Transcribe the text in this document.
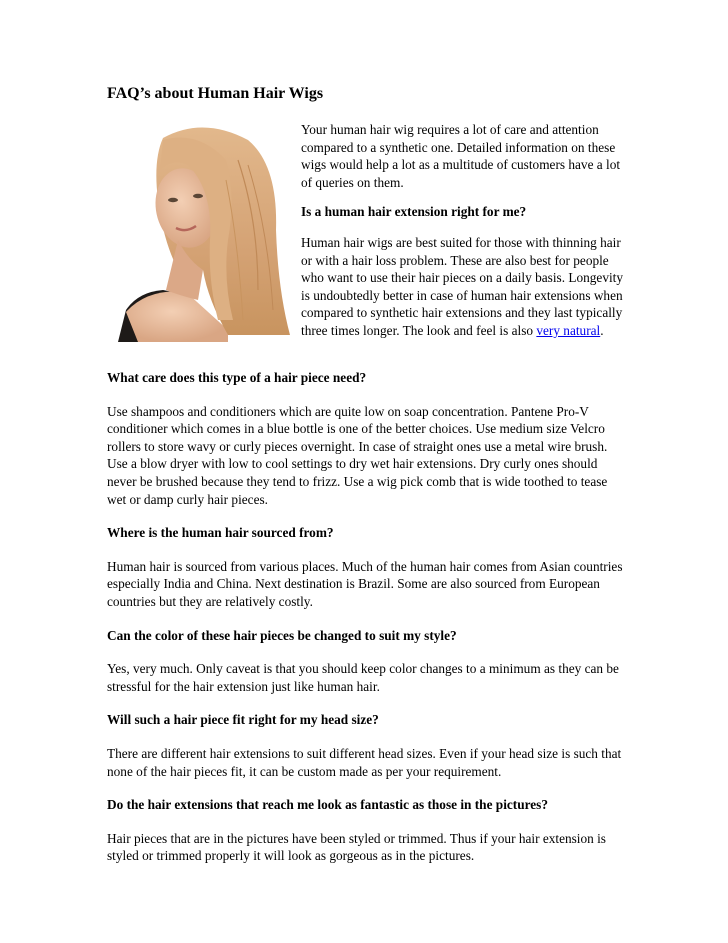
FAQ’s about Human Hair Wigs

Your human hair wig requires a lot of care and attention compared to a synthetic one. Detailed information on these wigs would help a lot as a multitude of customers have a lot of queries on them.

Is a human hair extension right for me?

Human hair wigs are best suited for those with thinning hair or with a hair loss problem. These are also best for people who want to use their hair pieces on a daily basis. Longevity is undoubtedly better in case of human hair extensions when compared to synthetic hair extensions and they last typically three times longer. The look and feel is also very natural.

What care does this type of a hair piece need?

Use shampoos and conditioners which are quite low on soap concentration. Pantene Pro-V conditioner which comes in a blue bottle is one of the better choices. Use medium size Velcro rollers to store wavy or curly pieces overnight. In case of straight ones use a metal wire brush. Use a blow dryer with low to cool settings to dry wet hair extensions. Dry curly ones should never be brushed because they tend to frizz. Use a wig pick comb that is wide toothed to tease wet or damp curly hair pieces.

Where is the human hair sourced from?

Human hair is sourced from various places. Much of the human hair comes from Asian countries especially India and China. Next destination is Brazil. Some are also sourced from European countries but they are relatively costly.

Can the color of these hair pieces be changed to suit my style?

Yes, very much. Only caveat is that you should keep color changes to a minimum as they can be stressful for the hair extension just like human hair.

Will such a hair piece fit right for my head size?

There are different hair extensions to suit different head sizes. Even if your head size is such that none of the hair pieces fit, it can be custom made as per your requirement.

Do the hair extensions that reach me look as fantastic as those in the pictures?

Hair pieces that are in the pictures have been styled or trimmed. Thus if your hair extension is styled or trimmed properly it will look as gorgeous as in the pictures.
